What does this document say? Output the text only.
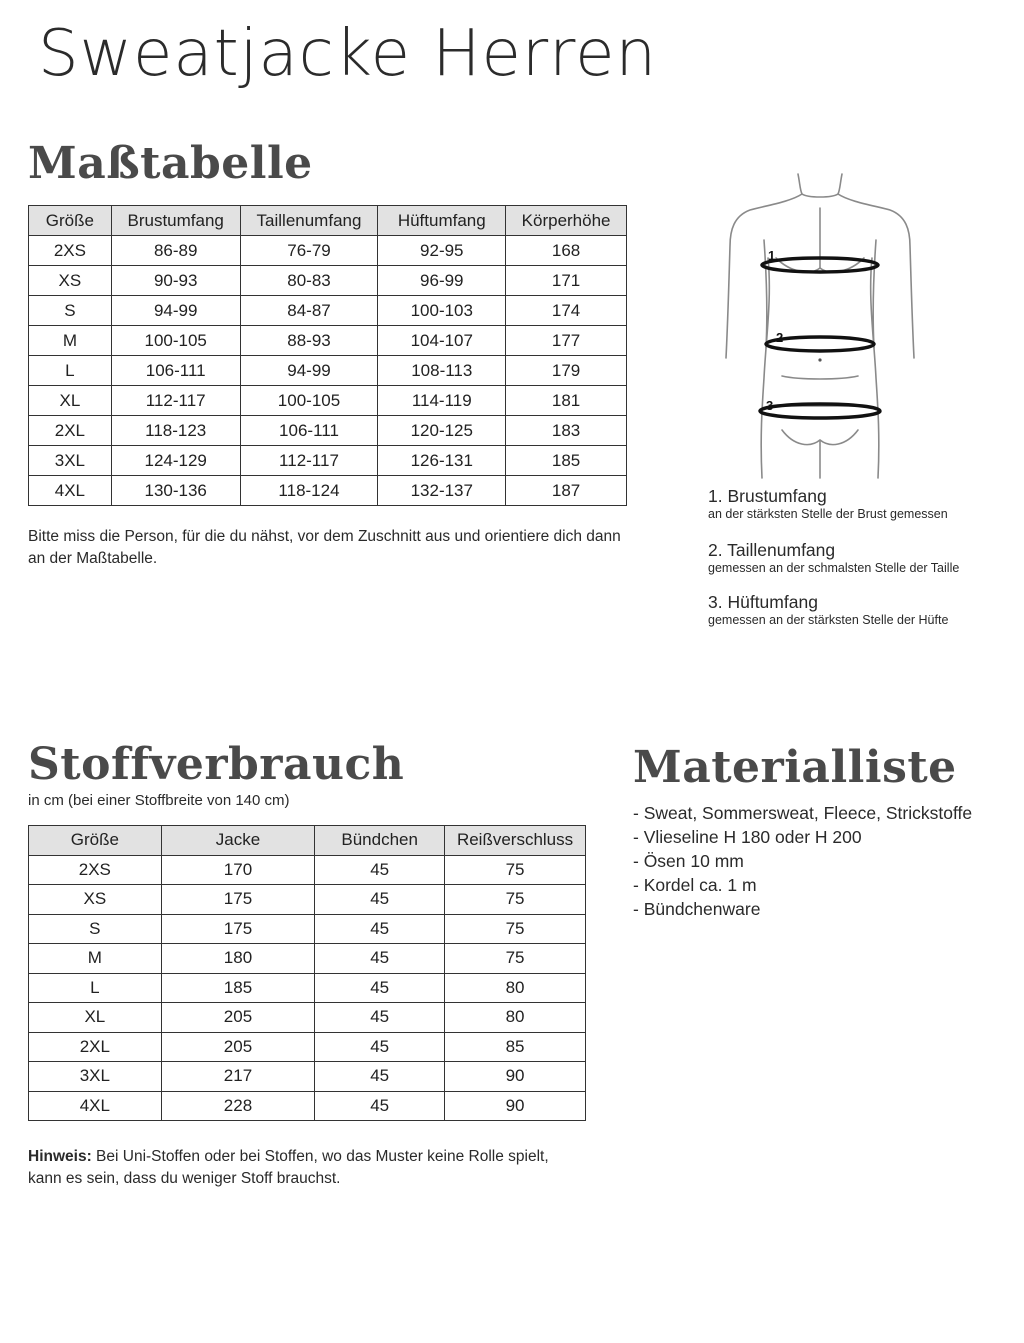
Sweatjacke Herren
Maßtabelle
Größe	Brustumfang	Taillenumfang	Hüftumfang	Körperhöhe
2XS	86-89	76-79	92-95	168
XS	90-93	80-83	96-99	171
S	94-99	84-87	100-103	174
M	100-105	88-93	104-107	177
L	106-111	94-99	108-113	179
XL	112-117	100-105	114-119	181
2XL	118-123	106-111	120-125	183
3XL	124-129	112-117	126-131	185
4XL	130-136	118-124	132-137	187

Bitte miss die Person, für die du nähst, vor dem Zuschnitt aus und orientiere dich dann an der Maßtabelle.

1
2
3
1. Brustumfang
an der stärksten Stelle der Brust gemessen
2. Taillenumfang
gemessen an der schmalsten Stelle der Taille
3. Hüftumfang
gemessen an der stärksten Stelle der Hüfte
Stoffverbrauch

in cm (bei einer Stoffbreite von 140 cm)

Größe	Jacke	Bündchen	Reißverschluss
2XS	170	45	75
XS	175	45	75
S	175	45	75
M	180	45	75
L	185	45	80
XL	205	45	80
2XL	205	45	85
3XL	217	45	90
4XL	228	45	90

Hinweis: Bei Uni-Stoffen oder bei Stoffen, wo das Muster keine Rolle spielt, kann es sein, dass du weniger Stoff brauchst.

Materialliste
- Sweat, Sommersweat, Fleece, Strickstoffe
- Vlieseline H 180 oder H 200
- Ösen 10 mm
- Kordel ca. 1 m
- Bündchenware
